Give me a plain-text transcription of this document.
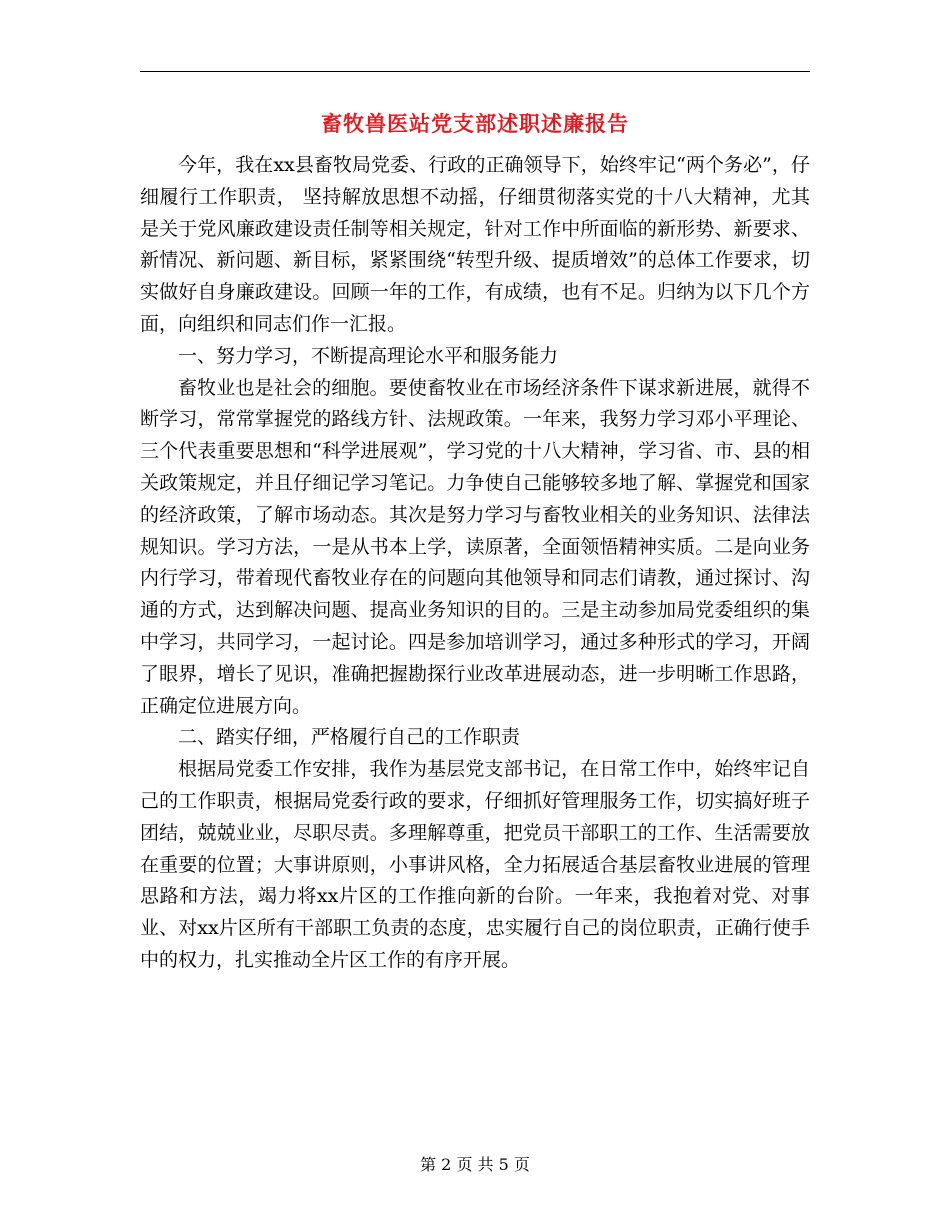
畜牧兽医站党支部述职述廉报告

今年，我在xx县畜牧局党委、行政的正确领导下，始终牢记“两个务必”，仔细履行工作职责， 坚持解放思想不动摇，仔细贯彻落实党的十八大精神，尤其是关于党风廉政建设责任制等相关规定，针对工作中所面临的新形势、新要求、新情况、新问题、新目标，紧紧围绕“转型升级、提质增效”的总体工作要求，切实做好自身廉政建设。回顾一年的工作，有成绩，也有不足。归纳为以下几个方面，向组织和同志们作一汇报。

一、努力学习，不断提高理论水平和服务能力

畜牧业也是社会的细胞。要使畜牧业在市场经济条件下谋求新进展，就得不断学习，常常掌握党的路线方针、法规政策。一年来，我努力学习邓小平理论、三个代表重要思想和“科学进展观”，学习党的十八大精神，学习省、市、县的相关政策规定，并且仔细记学习笔记。力争使自己能够较多地了解、掌握党和国家的经济政策，了解市场动态。其次是努力学习与畜牧业相关的业务知识、法律法规知识。学习方法，一是从书本上学，读原著，全面领悟精神实质。二是向业务内行学习，带着现代畜牧业存在的问题向其他领导和同志们请教，通过探讨、沟通的方式，达到解决问题、提高业务知识的目的。三是主动参加局党委组织的集中学习，共同学习，一起讨论。四是参加培训学习，通过多种形式的学习，开阔了眼界，增长了见识，准确把握勘探行业改革进展动态，进一步明晰工作思路，正确定位进展方向。

二、踏实仔细，严格履行自己的工作职责

根据局党委工作安排，我作为基层党支部书记，在日常工作中，始终牢记自己的工作职责，根据局党委行政的要求，仔细抓好管理服务工作，切实搞好班子团结，兢兢业业，尽职尽责。多理解尊重，把党员干部职工的工作、生活需要放在重要的位置；大事讲原则，小事讲风格，全力拓展适合基层畜牧业进展的管理思路和方法，竭力将xx片区的工作推向新的台阶。一年来，我抱着对党、对事业、对xx片区所有干部职工负责的态度，忠实履行自己的岗位职责，正确行使手中的权力，扎实推动全片区工作的有序开展。

第 2 页 共 5 页
